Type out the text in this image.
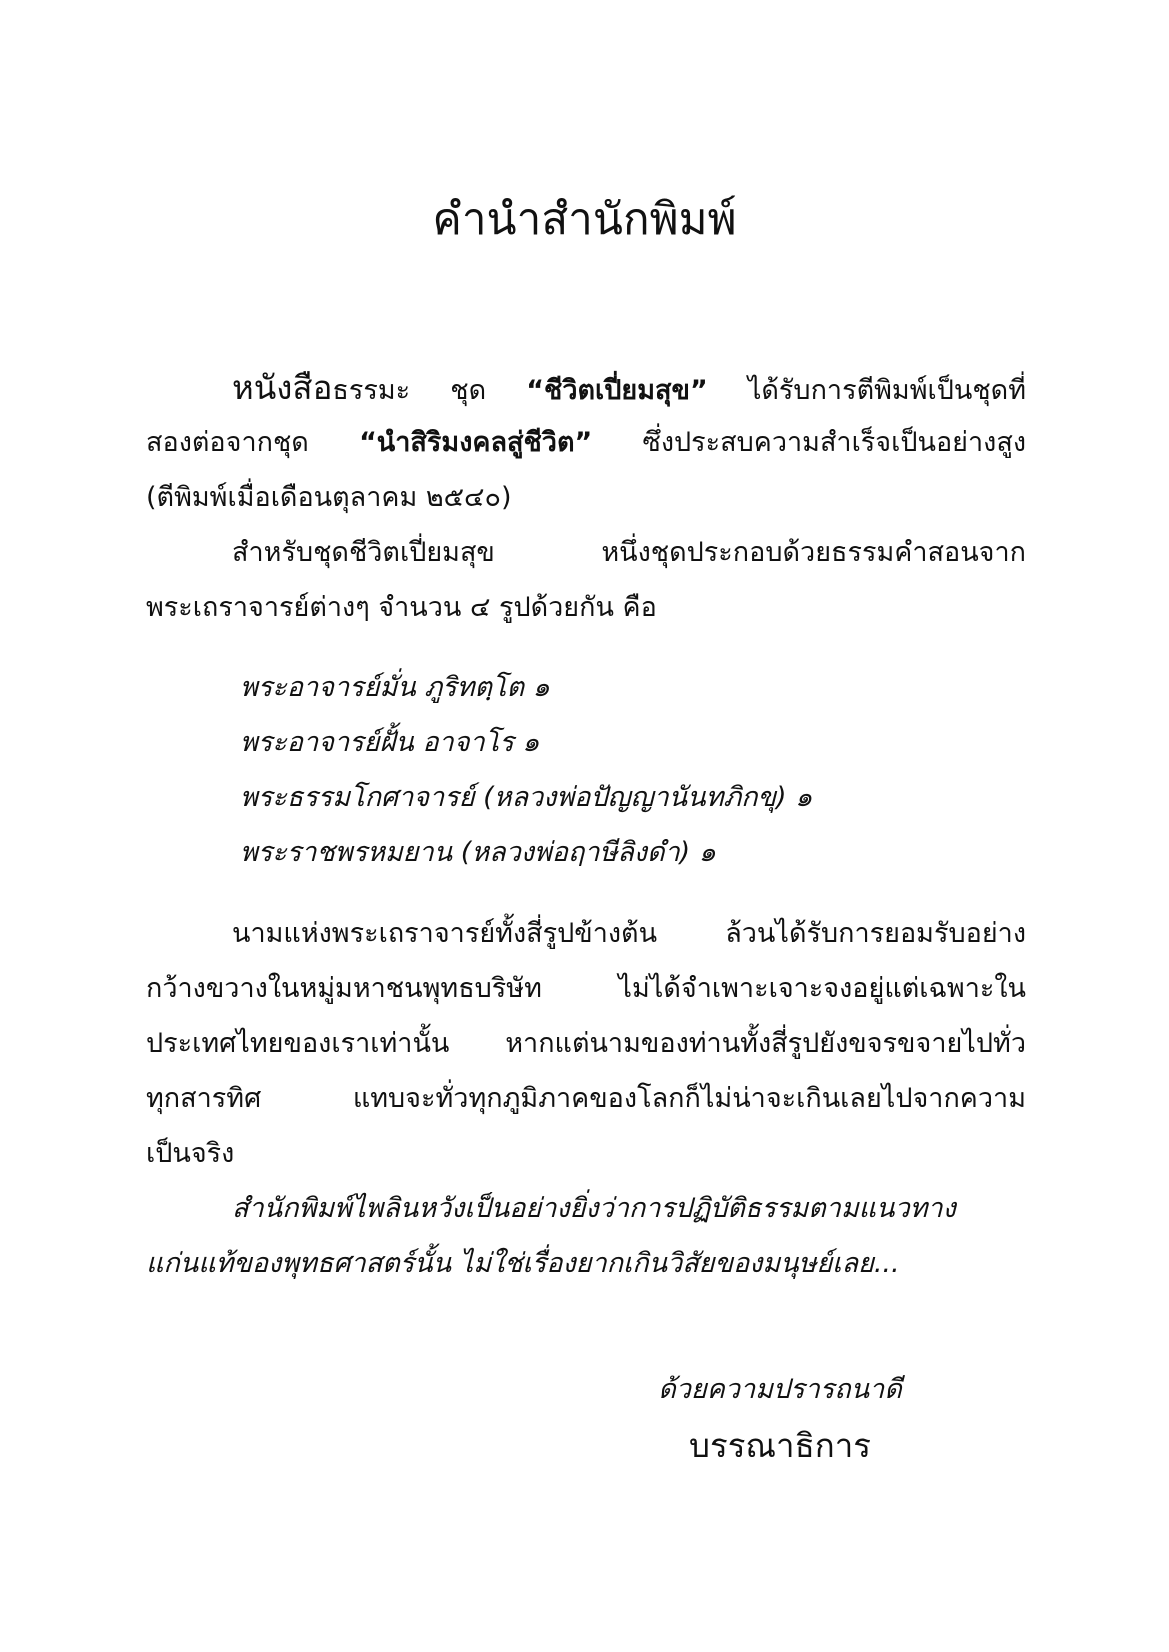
คำนำสำนักพิมพ์
หนังสือธรรมะ ชุด “ชีวิตเปี่ยมสุข” ได้รับการตีพิมพ์เป็นชุดที่
สองต่อจากชุด “นำสิริมงคลสู่ชีวิต” ซึ่งประสบความสำเร็จเป็นอย่างสูง
(ตีพิมพ์เมื่อเดือนตุลาคม ๒๕๔๐)
สำหรับชุดชีวิตเปี่ยมสุข หนึ่งชุดประกอบด้วยธรรมคำสอนจาก
พระเถราจารย์ต่างๆ จำนวน ๔ รูปด้วยกัน คือ
พระอาจารย์มั่น ภูริทตฺโต ๑
พระอาจารย์ฝั้น อาจาโร ๑
พระธรรมโกศาจารย์ (หลวงพ่อปัญญานันทภิกขุ) ๑
พระราชพรหมยาน (หลวงพ่อฤาษีลิงดำ) ๑
นามแห่งพระเถราจารย์ทั้งสี่รูปข้างต้น ล้วนได้รับการยอมรับอย่าง
กว้างขวางในหมู่มหาชนพุทธบริษัท ไม่ได้จำเพาะเจาะจงอยู่แต่เฉพาะใน
ประเทศไทยของเราเท่านั้น หากแต่นามของท่านทั้งสี่รูปยังขจรขจายไปทั่ว
ทุกสารทิศ แทบจะทั่วทุกภูมิภาคของโลกก็ไม่น่าจะเกินเลยไปจากความ
เป็นจริง
สำนักพิมพ์ไพลินหวังเป็นอย่างยิ่งว่าการปฏิบัติธรรมตามแนวทาง
แก่นแท้ของพุทธศาสตร์นั้น ไม่ใช่เรื่องยากเกินวิสัยของมนุษย์เลย...
ด้วยความปรารถนาดี
บรรณาธิการ
